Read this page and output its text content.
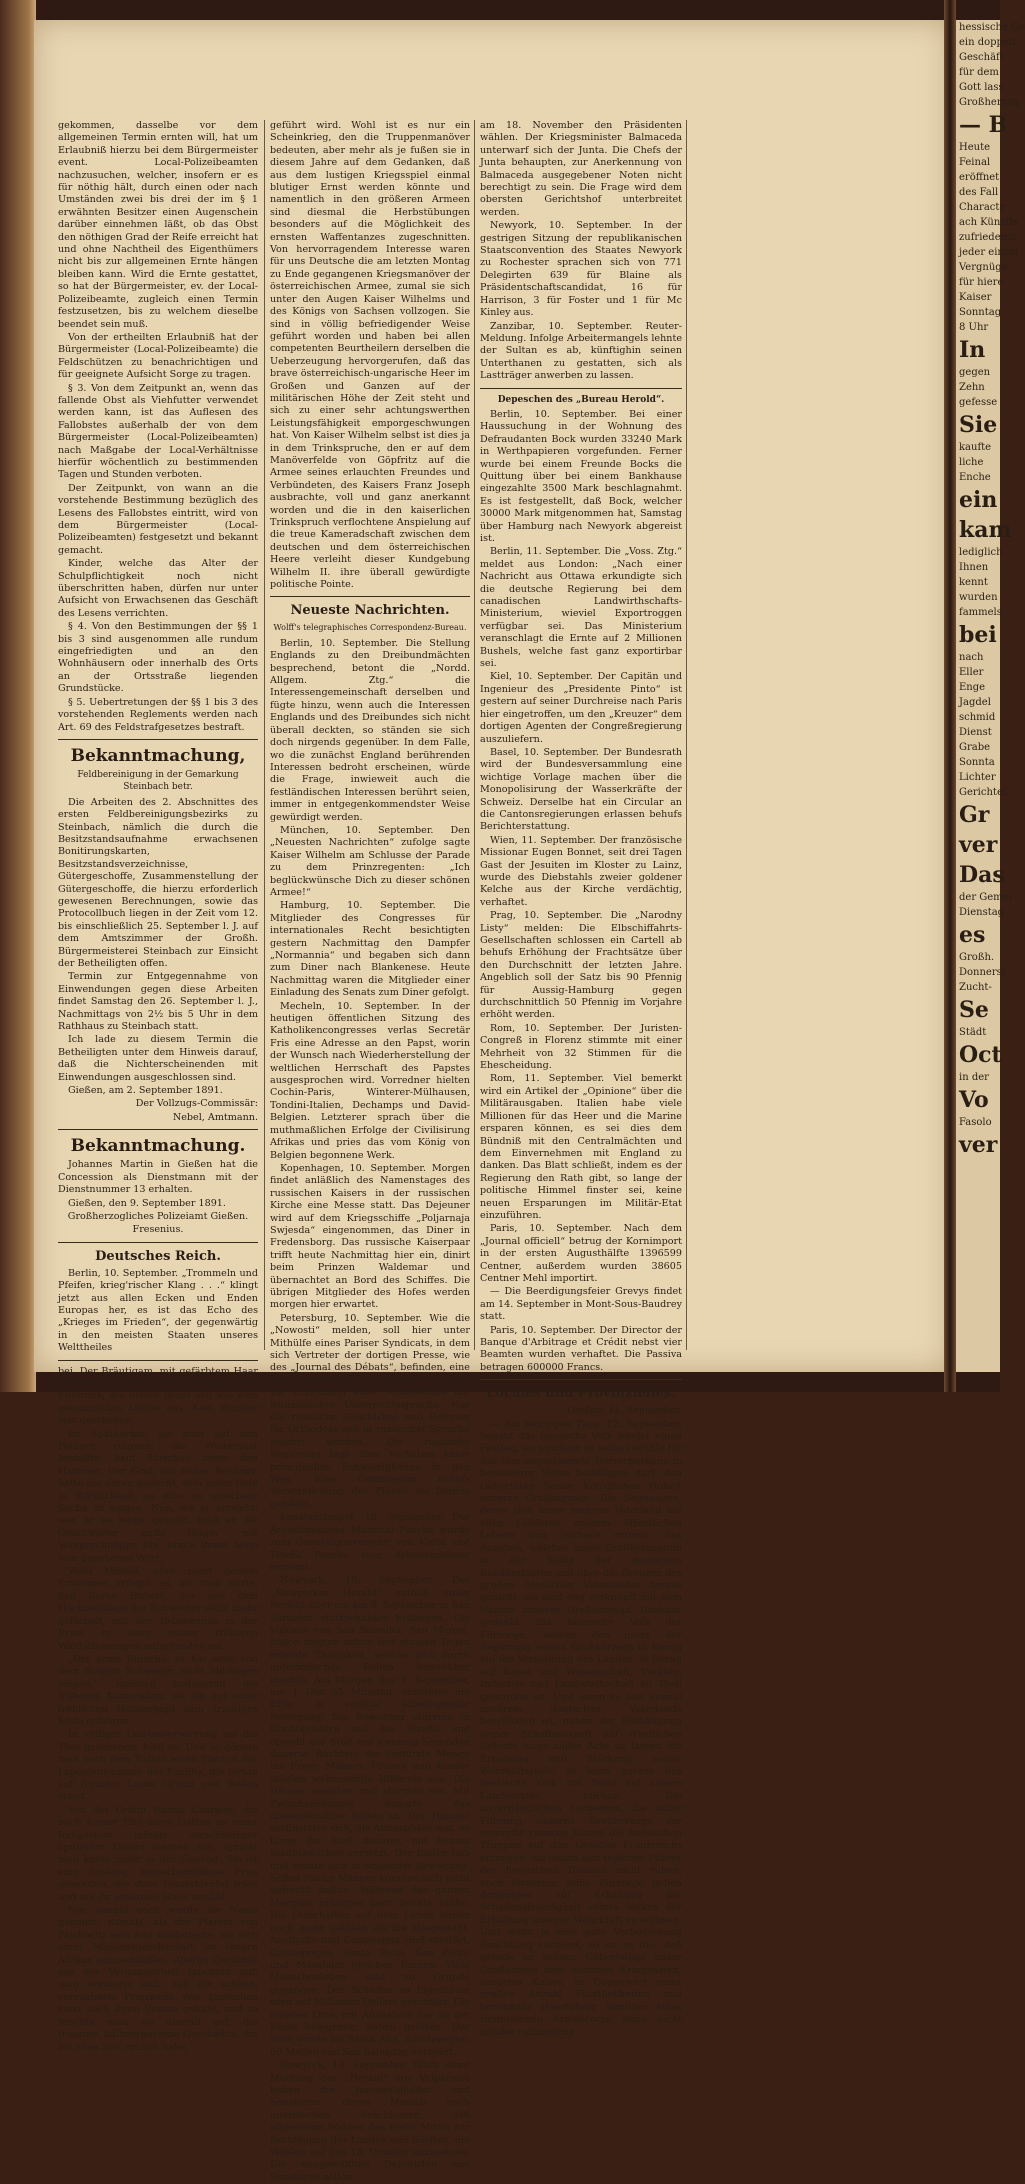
gekommen, dasselbe vor dem allgemeinen Termin ernten will, hat um Erlaubniß hierzu bei dem Bürgermeister event. Local-Polizeibeamten nachzusuchen, welcher, insofern er es für nöthig hält, durch einen oder nach Umständen zwei bis drei der im § 1 erwähnten Besitzer einen Augenschein darüber einnehmen läßt, ob das Obst den nöthigen Grad der Reife erreicht hat und ohne Nachtheil des Eigenthümers nicht bis zur allgemeinen Ernte hängen bleiben kann. Wird die Ernte gestattet, so hat der Bürgermeister, ev. der Local-Polizeibeamte, zugleich einen Termin festzusetzen, bis zu welchem dieselbe beendet sein muß.

Von der ertheilten Erlaubniß hat der Bürgermeister (Local-Polizeibeamte) die Feldschützen zu benachrichtigen und für geeignete Aufsicht Sorge zu tragen.

§ 3. Von dem Zeitpunkt an, wenn das fallende Obst als Viehfutter verwendet werden kann, ist das Auflesen des Fallobstes außerhalb der von dem Bürgermeister (Local-Polizeibeamten) nach Maßgabe der Local-Verhältnisse hierfür wöchentlich zu bestimmenden Tagen und Stunden verboten.

Der Zeitpunkt, von wann an die vorstehende Bestimmung bezüglich des Lesens des Fallobstes eintritt, wird von dem Bürgermeister (Local-Polizeibeamten) festgesetzt und bekannt gemacht.

Kinder, welche das Alter der Schulpflichtigkeit noch nicht überschritten haben, dürfen nur unter Aufsicht von Erwachsenen das Geschäft des Lesens verrichten.

§ 4. Von den Bestimmungen der §§ 1 bis 3 sind ausgenommen alle rundum eingefriedigten und an den Wohnhäusern oder innerhalb des Orts an der Ortsstraße liegenden Grundstücke.

§ 5. Uebertretungen der §§ 1 bis 3 des vorstehenden Reglements werden nach Art. 69 des Feldstrafgesetzes bestraft.

Bekanntmachung,
Feldbereinigung in der Gemarkung Steinbach betr.

Die Arbeiten des 2. Abschnittes des ersten Feldbereinigungsbezirks zu Steinbach, nämlich die durch die Besitzstandsaufnahme erwachsenen Bonitirungskarten, Besitzstandsverzeichnisse, Gütergeschoffe, Zusammenstellung der Gütergeschoffe, die hierzu erforderlich gewesenen Berechnungen, sowie das Protocollbuch liegen in der Zeit vom 12. bis einschließlich 25. September l. J. auf dem Amtszimmer der Großh. Bürgermeisterei Steinbach zur Einsicht der Betheiligten offen.

Termin zur Entgegennahme von Einwendungen gegen diese Arbeiten findet Samstag den 26. September l. J., Nachmittags von 2½ bis 5 Uhr in dem Rathhaus zu Steinbach statt.

Ich lade zu diesem Termin die Betheiligten unter dem Hinweis darauf, daß die Nichterscheinenden mit Einwendungen ausgeschlossen sind.

Gießen, am 2. September 1891.

Der Vollzugs-Commissär:

Nebel, Amtmann.

Bekanntmachung.

Johannes Martin in Gießen hat die Concession als Dienstmann mit der Dienstnummer 13 erhalten.

Gießen, den 9. September 1891.

Großherzogliches Polizeiamt Gießen.

Fresenius.

Deutsches Reich.

Berlin, 10. September. „Trommeln und Pfeifen, krieg'rischer Klang . . .“ klingt jetzt aus allen Ecken und Enden Europas her, es ist das Echo des „Krieges im Frieden“, der gegenwärtig in den meisten Staaten unseres Welttheiles

bei. Der Bräutigam, mit gefärbtem Haar und Bart, machte einen jugendlichen Eindruck, die blasse Braut sah wie eine geschmückte Leiche aus. Kein Wunder war geschehen.

Im Spätherbst, als man auf den Feldern ringsum die Wintersaat bestellte, kam Sfoschau unter den Hammer. Der Graf, ein feiner Rechner, hatte nie daran gedacht, sein gutes Geld in Wirklichkeit an eine so unsichere Sache zu wagen. Nun, wo er erreicht, was er so lange gewollt, hieß er die Geschwister nicht länger mit Versprechungen hin, brach ihnen feige sein gegebenes Wort.

Wohl Mitleid, aber nicht gerade Erstaunen erregte es, als man hörte, daß Baron Hubert, der seit dem Hochzeitstage der Schwester nicht mehr gelächelt, mit der Todeswunde in der Brust in einer seiner früheren Waldschonungen aufgefunden sei.

„Der arme Bursche, er hat wohl von dem filzigen Schwager nicht abhängen mögen,“ meinten bedauernd die früheren Kameraden, als sie auf einer fröhlichen Hühnerjagd sein trauriges Ende erfuhren.

In völliger Geistesverwirrung sei die That geschehen, hieß es. Und so gönnte man auch dem Todten einen Platz in der Laponienkammer der Familie, die fortan auf fremder Leute Grund und Boden stand.

Von der Gräfin Wanda Czarkow, die nach kurzer Ehe ihren Gatten an einer Indigestion infolge verschiedener opulenter Diners sterben sah, spricht man kaum mehr in der Gegend. Sie ist eine finstere, menschenscheue Frau geworden, die stets Trauerkleider trägt und nie ihr einsames Haus verläßt.

Nur einmal noch wurde ihr Name genannt, damals, als der Pfarrer von Pawlowitz sein Amt niederlegte, um sich einer Missionsgesellschaft im Innern Afrikas anzuschließen. Allerlei Gerüchte aus der Vergangenheit tauchten auf, man erinnerte sich, daß die schöne, verzauberte Prinzessin von Skotschau einst auch ihren Roman gehabt, und so frischte man sie überall auf, die traurige, halbvergessene Geschichte, die ich eben hier erzählt habe.

geführt wird. Wohl ist es nur ein Scheinkrieg, den die Truppenmanöver bedeuten, aber mehr als je fußen sie in diesem Jahre auf dem Gedanken, daß aus dem lustigen Kriegsspiel einmal blutiger Ernst werden könnte und namentlich in den größeren Armeen sind diesmal die Herbstübungen besonders auf die Möglichkeit des ernsten Waffentanzes zugeschnitten. Von hervorragendem Interesse waren für uns Deutsche die am letzten Montag zu Ende gegangenen Kriegsmanöver der österreichischen Armee, zumal sie sich unter den Augen Kaiser Wilhelms und des Königs von Sachsen vollzogen. Sie sind in völlig befriedigender Weise geführt worden und haben bei allen competenten Beurtheilern derselben die Ueberzeugung hervorgerufen, daß das brave österreichisch-ungarische Heer im Großen und Ganzen auf der militärischen Höhe der Zeit steht und sich zu einer sehr achtungswerthen Leistungsfähigkeit emporgeschwungen hat. Von Kaiser Wilhelm selbst ist dies ja in dem Trinkspruche, den er auf dem Manöverfelde von Göpfritz auf die Armee seines erlauchten Freundes und Verbündeten, des Kaisers Franz Joseph ausbrachte, voll und ganz anerkannt worden und die in den kaiserlichen Trinkspruch verflochtene Anspielung auf die treue Kameradschaft zwischen dem deutschen und dem österreichischen Heere verleiht dieser Kundgebung Wilhelm II. ihre überall gewürdigte politische Pointe.

Neueste Nachrichten.
Wolff's telegraphisches Correspondenz-Bureau.

Berlin, 10. September. Die Stellung Englands zu den Dreibundmächten besprechend, betont die „Nordd. Allgem. Ztg.“ die Interessengemeinschaft derselben und fügte hinzu, wenn auch die Interessen Englands und des Dreibundes sich nicht überall deckten, so ständen sie sich doch nirgends gegenüber. In dem Falle, wo die zunächst England berührenden Interessen bedroht erscheinen, würde die Frage, inwieweit auch die festländischen Interessen berührt seien, immer in entgegenkommendster Weise gewürdigt werden.

München, 10. September. Den „Neuesten Nachrichten“ zufolge sagte Kaiser Wilhelm am Schlusse der Parade zu dem Prinzregenten: „Ich beglückwünsche Dich zu dieser schönen Armee!“

Hamburg, 10. September. Die Mitglieder des Congresses für internationales Recht besichtigten gestern Nachmittag den Dampfer „Normannia“ und begaben sich dann zum Diner nach Blankenese. Heute Nachmittag waren die Mitglieder einer Einladung des Senats zum Diner gefolgt.

Mecheln, 10. September. In der heutigen öffentlichen Sitzung des Katholikencongresses verlas Secretär Fris eine Adresse an den Papst, worin der Wunsch nach Wiederherstellung der weltlichen Herrschaft des Papstes ausgesprochen wird. Vorredner hielten Cochin-Paris, Winterer-Mülhausen, Tondini-Italien, Dechamps und David-Belgien. Letzterer sprach über die muthmaßlichen Erfolge der Civilisirung Afrikas und pries das vom König von Belgien begonnene Werk.

Kopenhagen, 10. September. Morgen findet anläßlich des Namenstages des russischen Kaisers in der russischen Kirche eine Messe statt. Das Dejeuner wird auf dem Kriegsschiffe „Poljarnaja Swjesda“ eingenommen, das Diner in Fredensborg. Das russische Kaiserpaar trifft heute Nachmittag hier ein, dinirt beim Prinzen Waldemar und übernachtet an Bord des Schiffes. Die übrigen Mitglieder des Hofes werden morgen hier erwartet.

Petersburg, 10. September. Wie die „Nowosti“ melden, soll hier unter Mithülfe eines Pariser Syndicats, in dem sich Vertreter der dortigen Presse, wie des „Journal des Débats“, befinden, eine Actien-Gesellschaft gegründet werden zur Errichtung einer Mittelschule mit französischer Unterrichtssprache. Nur die russische Geschichte und Religion für Orthodoxe soll in russischer Sprache gelehrt werden. Die russische Regierung lege dem Vorhaben keine principiellen Schwierigkeiten in den Weg. Eine Commission behufs Verwirklichung des Planes sei bereits gebildet.

Konstantinopel, 10. September. Der Arbeitsminister Mahmud Pascha wurde zum Generalgouverneur von Kreta und Tewfik Pascha zum Arbeitsminister ernannt.

Newyork, 10. September. Der „Newyorker Herald“ enthält einen Bericht über ein am 9. September in San Salvador stattgehabtes Erdbeben. Die Vulcane von San Salvador, San Miguel, Izalco zeigten schon seit einigen Tagen erhöhte Thätigkeit, welche sich durch unterirdisches Rollen bemerkbar machte. Am Morgen des 9. September, um 1 Uhr 55 Minuten, erzitterte die Erde in vertical schwingender Bewegung. Die Bewohner stürzten in Nachtkleidern auf die Straße und obwohl der Stoß nur zwanzig Secunden dauerte, flüchtete die bestürzte Menge ins Freie; Männer, Frauen und Kinder stießen wahnsinnige Hilferufe aus. Die Häuser wankten und stürzten ein. Mit Zwischenräumen dauerte das donnerähnliche Rollen an. Der Himmel verfinsterte sich, die Atmosphäre war, so lange der Stoß dauerte, mit feinem Staubtheilchen versetzt. Der Boden hob und senkte sich in wogender Bewegung. Selbst starke Männer konnten sich nicht aufrecht halten. Während des ganzen Morgens erfolgten noch leichte Stöße. Die Ortschaften auf dem Lande haben noch mehr gelitten als die Hauptstadt. Analquito und Comasagua sind zerstört, Cojutepeque, Santa Tecla, San Pedro und Masahuet gleichen Ruinen. Viele Menschenleben sind zu Grunde gegangen. Der Schaden an Eigenthum wird auf Millionen Dollars geschätzt. Die meisten Orte, mit Ausnahme der an der Küste belegenen, haben gelitten. Der Stoß wurde bis Santa Ana, Sacatepeque, 60 Meilen von San Salvador, verspürt.

Newyork, 10. September. Nach einer Meldung des „Herald“ aus Valparaiso haben die Juntamitglieder und Senatoren, deren Mandat noch unerloschen, beschlossen, daß allgemeine Wahlen das beste Mittel zur Beruhigung des Landes sein dürften, die Wahlen auf den 18. October anzusetzen. Die neugewählten Deputirten und Senatoren sollen

am 18. November den Präsidenten wählen. Der Kriegsminister Balmaceda unterwarf sich der Junta. Die Chefs der Junta behaupten, zur Anerkennung von Balmaceda ausgegebener Noten nicht berechtigt zu sein. Die Frage wird dem obersten Gerichtshof unterbreitet werden.

Newyork, 10. September. In der gestrigen Sitzung der republikanischen Staatsconvention des Staates Newyork zu Rochester sprachen sich von 771 Delegirten 639 für Blaine als Präsidentschaftscandidat, 16 für Harrison, 3 für Foster und 1 für Mc Kinley aus.

Zanzibar, 10. September. Reuter-Meldung. Infolge Arbeitermangels lehnte der Sultan es ab, künftighin seinen Unterthanen zu gestatten, sich als Lastträger anwerben zu lassen.

Depeschen des „Bureau Herold“.

Berlin, 10. September. Bei einer Haussuchung in der Wohnung des Defraudanten Bock wurden 33240 Mark in Werthpapieren vorgefunden. Ferner wurde bei einem Freunde Bocks die Quittung über bei einem Bankhause eingezahlte 3500 Mark beschlagnahmt. Es ist festgestellt, daß Bock, welcher 30000 Mark mitgenommen hat, Samstag über Hamburg nach Newyork abgereist ist.

Berlin, 11. September. Die „Voss. Ztg.“ meldet aus London: „Nach einer Nachricht aus Ottawa erkundigte sich die deutsche Regierung bei dem canadischen Landwirthschafts-Ministerium, wieviel Exportroggen verfügbar sei. Das Ministerium veranschlagt die Ernte auf 2 Millionen Bushels, welche fast ganz exportirbar sei.

Kiel, 10. September. Der Capitän und Ingenieur des „Presidente Pinto“ ist gestern auf seiner Durchreise nach Paris hier eingetroffen, um den „Kreuzer“ dem dortigen Agenten der Congreßregierung auszuliefern.

Basel, 10. September. Der Bundesrath wird der Bundesversammlung eine wichtige Vorlage machen über die Monopolisirung der Wasserkräfte der Schweiz. Derselbe hat ein Circular an die Cantonsregierungen erlassen behufs Berichterstattung.

Wien, 11. September. Der französische Missionar Eugen Bonnet, seit drei Tagen Gast der Jesuiten im Kloster zu Lainz, wurde des Diebstahls zweier goldener Kelche aus der Kirche verdächtig, verhaftet.

Prag, 10. September. Die „Narodny Listy“ melden: Die Elbschiffahrts-Gesellschaften schlossen ein Cartell ab behufs Erhöhung der Frachtsätze über den Durchschnitt der letzten Jahre. Angeblich soll der Satz bis 90 Pfennig für Aussig-Hamburg gegen durchschnittlich 50 Pfennig im Vorjahre erhöht werden.

Rom, 10. September. Der Juristen-Congreß in Florenz stimmte mit einer Mehrheit von 32 Stimmen für die Ehescheidung.

Rom, 11. September. Viel bemerkt wird ein Artikel der „Opinione“ über die Militärausgaben. Italien habe viele Millionen für das Heer und die Marine ersparen können, es sei dies dem Bündniß mit den Centralmächten und dem Einvernehmen mit England zu danken. Das Blatt schließt, indem es der Regierung den Rath gibt, so lange der politische Himmel finster sei, keine neuen Ersparungen im Militär-Etat einzuführen.

Paris, 10. September. Nach dem „Journal officiell“ betrug der Kornimport in der ersten Augusthälfte 1396599 Centner, außerdem wurden 38605 Centner Mehl importirt.

— Die Beerdigungsfeier Grevys findet am 14. September in Mont-Sous-Baudrey statt.

Paris, 10. September. Der Director der Banque d'Arbitrage et Crédit nebst vier Beamten wurden verhaftet. Die Passiva betragen 600000 Francs.

Locales und Provinzielles.

Gießen, 11. September.

— Am morgigen Tage, 12. September, begeht das hessische Volk wieder einen Festtag, an welchem es seine Gefühle für das ihm angestammte Herrscherhaus in besonderer Weise bethätigen darf: den Geburtstag Seiner Königlichen Hoheit unseres Großherzogs. Die Segnungen, deren sich unser engeres Vaterland auf allen Gebieten unseres öffentlichen Lebens und Wirkens erfreut, das Ansehen, welches unser Großherzogtum in der Reihe der deutschen Bundesstaaten und über die Grenzen des großen deutschen Vaterlandes hinaus genießt, sie sind eng verknüpft mit dem Namen unseres Großherzogs. Dankbar gedenkt das hessische Volk der Fürsorge, welche ihm unter der Regierung seines Großherzogs in Bezug auf die Verwaltung des Landes, in Bezug auf Kunst und Wissenschaft, Verkehr, Industrie und Landwirthschaft zu Theil geworden ist. Und wenn es nun einmal unserem deutschen Vaterlande beschieden ist, neben der Bethätigung seiner Schaffenskraft auf friedlichen Gebiete nicht außer Acht zu lassen die Erhaltung und Stärkung seiner Wehrhaftigkeit, so kann gerade das hessische Volk mit Stolz auf seinen Landesvater blicken. Die unvergänglichen Lorbeeren, die unter Führung unseres Großherzogs vor nunmehr zwanzig Jahren die hessischen Truppen auf den Gefilden Frankreichs errungen, sie lassen den tapferen Führer der hessischen Division nicht ruhen, auch fernerhin seine Fürsorge neben derjenigen auf Erhaltung der Schaffensfreudigkeit seines Volkes der Erhaltung unserer Wehrkraft zu widmen. Und wenn je eine gute Vorbedeutung Beachtung verdient, so ist es die, daß gerade an seinem Geburtstage unser Großherzog dem obersten Kriegsherrn, unserem Kaiser, in Gegenwart einer großen Anzahl Fürstlichkeiten und berühmter Heerführer, inmitten eines ruhmreichen Armeecorps seine nicht minder ruhmreiche

hessische Ge
ein doppelt
Geschäft
für dem
Gott lass
Großherzog
— B
Heute
Feinal
eröffnet
des Fall
Characte
ach Künstle
zufriedenst
jeder einzel
Vergnüge
für hiere
Kaiser
Sonntag
8 Uhr
In
gegen
Zehn
gefesse
Sie
kaufte
liche
Enche
ein
kam
lediglich
Ihnen
kennt
wurden
fammels
bei
nach
Eller
Enge
Jagdel
schmid
Dienst
Grabe
Sonnta
Lichter
Gerichtet
Gr
ver
Das
der Gemei
Dienstag
es
Großh.
Donnerst
Zucht-
Se
Städt
Oct
in der
Vo
Fasolo
ver
